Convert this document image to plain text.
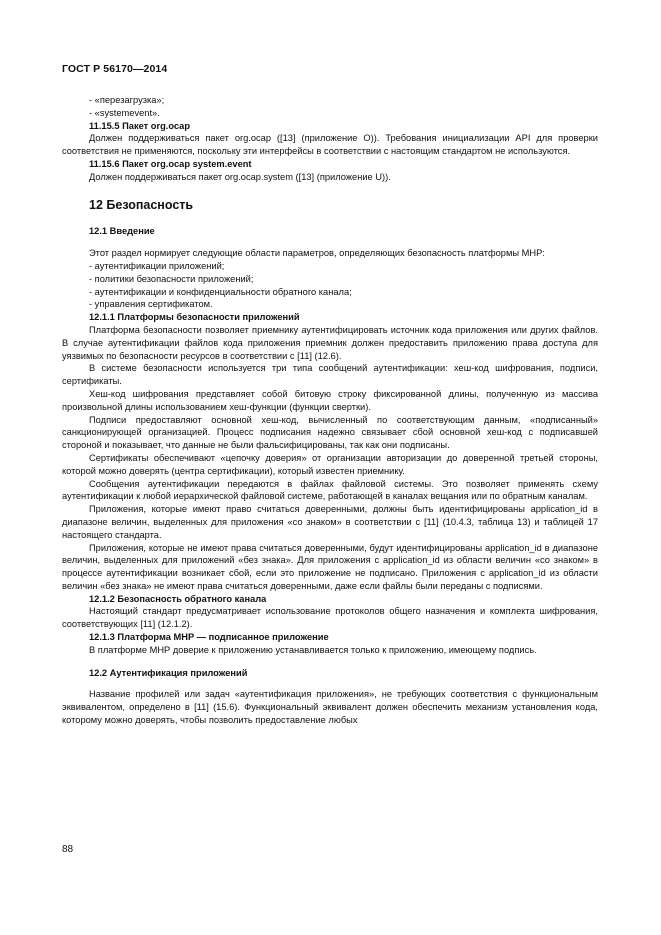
ГОСТ Р 56170—2014

- «перезагрузка»;

- «systemevent».

11.15.5 Пакет org.ocap

Должен поддерживаться пакет org.ocap ([13] (приложение O)). Требования инициализации API для проверки соответствия не применяются, поскольку эти интерфейсы в соответствии с настоящим стандартом не используются.

11.15.6 Пакет org.ocap system.event

Должен поддерживаться пакет org.ocap.system ([13] (приложение U)).

12 Безопасность

12.1 Введение

Этот раздел нормирует следующие области параметров, определяющих безопасность платформы МНР:

- аутентификации приложений;

- политики безопасности приложений;

- аутентификации и конфиденциальности обратного канала;

- управления сертификатом.

12.1.1 Платформы безопасности приложений

Платформа безопасности позволяет приемнику аутентифицировать источник кода приложения или других файлов. В случае аутентификации файлов кода приложения приемник должен предоставить приложению права доступа для уязвимых по безопасности ресурсов в соответствии с [11] (12.6).

В системе безопасности используется три типа сообщений аутентификации: хеш-код шифрования, подписи, сертификаты.

Хеш-код шифрования представляет собой битовую строку фиксированной длины, полученную из массива произвольной длины использованием хеш-функции (функции свертки).

Подписи предоставляют основной хеш-код, вычисленный по соответствующим данным, «подписанный» санкционирующей организацией. Процесс подписания надежно связывает сбой основной хеш-код с подписавшей стороной и показывает, что данные не были фальсифицированы, так как они подписаны.

Сертификаты обеспечивают «цепочку доверия» от организации авторизации до доверенной третьей стороны, которой можно доверять (центра сертификации), который известен приемнику.

Сообщения аутентификации передаются в файлах файловой системы. Это позволяет применять схему аутентификации к любой иерархической файловой системе, работающей в каналах вещания или по обратным каналам.

Приложения, которые имеют право считаться доверенными, должны быть идентифицированы application_id в диапазоне величин, выделенных для приложения «со знаком» в соответствии с [11] (10.4.3, таблица 13) и таблицей 17 настоящего стандарта.

Приложения, которые не имеют права считаться доверенными, будут идентифицированы application_id в диапазоне величин, выделенных для приложений «без знака». Для приложения с application_id из области величин «со знаком» в процессе аутентификации возникает сбой, если это приложение не подписано. Приложения с application_id из области величин «без знака» не имеют права считаться доверенными, даже если файлы были переданы с подписями.

12.1.2 Безопасность обратного канала

Настоящий стандарт предусматривает использование протоколов общего назначения и комплекта шифрования, соответствующих [11] (12.1.2).

12.1.3 Платформа МНР — подписанное приложение

В платформе МНР доверие к приложению устанавливается только к приложению, имеющему подпись.

12.2 Аутентификация приложений

Название профилей или задач «аутентификация приложения», не требующих соответствия с функциональным эквивалентом, определено в [11] (15.6). Функциональный эквивалент должен обеспечить механизм установления кода, которому можно доверять, чтобы позволить предоставление любых

88
